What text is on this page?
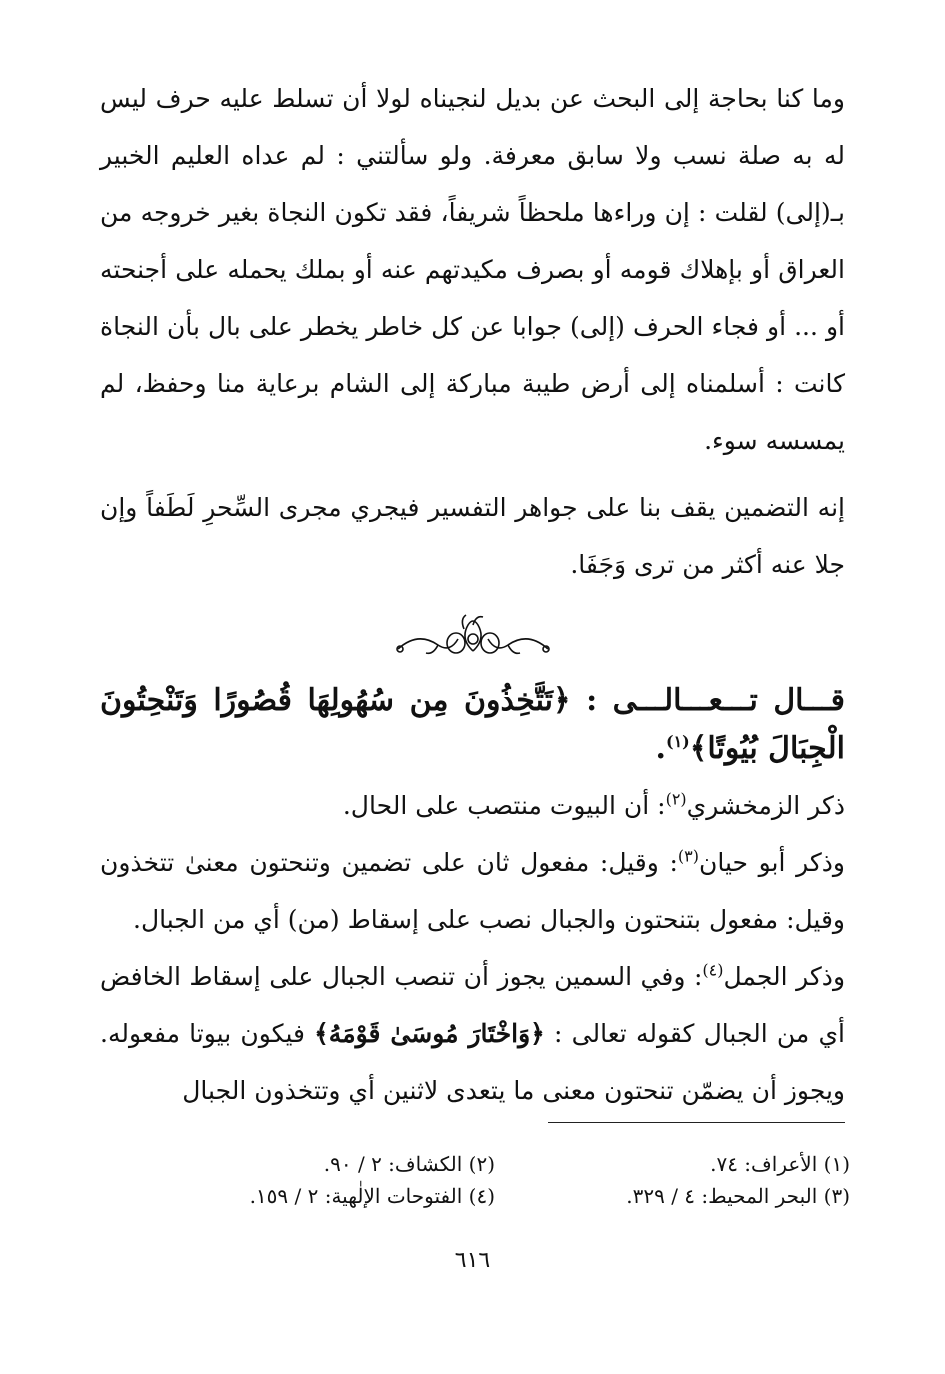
وما كنا بحاجة إلى البحث عن بديل لنجيناه لولا أن تسلط عليه حرف ليس له به صلة نسب ولا سابق معرفة. ولو سألتني : لم عداه العليم الخبير بـ(إلى) لقلت : إن وراءها ملحظاً شريفاً، فقد تكون النجاة بغير خروجه من العراق أو بإهلاك قومه أو بصرف مكيدتهم عنه أو بملك يحمله على أجنحته أو ... أو فجاء الحرف (إلى) جوابا عن كل خاطر يخطر على بال بأن النجاة كانت : أسلمناه إلى أرض طيبة مباركة إلى الشام برعاية منا وحفظ، لم يمسسه سوء.

إنه التضمين يقف بنا على جواهر التفسير فيجري مجرى السِّحرِ لَطَفاً وإن جلا عنه أكثر من ترى وَجَفَا.

قـــال تـــعـــالـــى : ﴿تَتَّخِذُونَ مِن سُهُولِهَا قُصُورًا وَتَنْحِتُونَ الْجِبَالَ بُيُوتًا﴾$^{(١)}$.

ذكر الزمخشري$^{(٢)}$: أن البيوت منتصب على الحال.

وذكر أبو حيان$^{(٣)}$: وقيل: مفعول ثان على تضمين وتنحتون معنىٰ تتخذون وقيل: مفعول بتنحتون والجبال نصب على إسقاط (من) أي من الجبال.

وذكر الجمل$^{(٤)}$: وفي السمين يجوز أن تنصب الجبال على إسقاط الخافض أي من الجبال كقوله تعالى : ﴿وَاخْتَارَ مُوسَىٰ قَوْمَهُ﴾ فيكون بيوتا مفعوله. ويجوز أن يضمّن تنحتون معنى ما يتعدى لاثنين أي وتتخذون الجبال

(١) الأعراف: ٧٤.
(٢) الكشاف: ٢ / ٩٠.
(٣) البحر المحيط: ٤ / ٣٢٩.
(٤) الفتوحات الإلٰهية: ٢ / ١٥٩.
٦١٦
